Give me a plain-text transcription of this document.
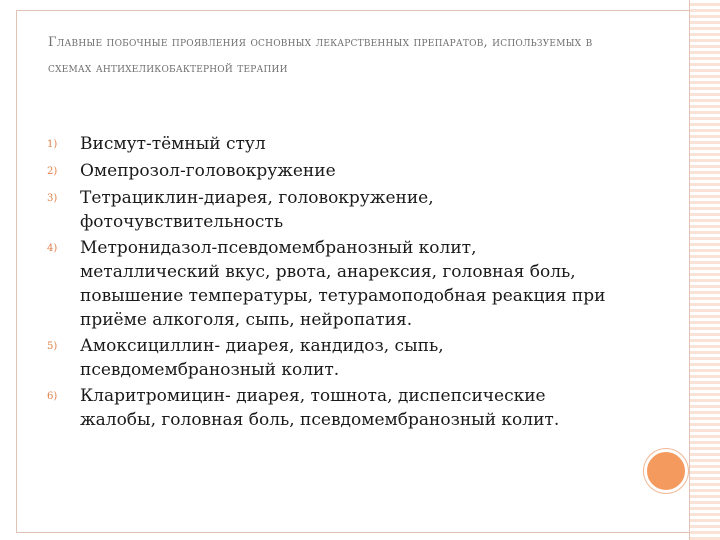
Главные побочные проявления основных лекарственных препаратов, используемых в схемах антихеликобактерной терапии
1)	Висмут-тёмный стул
2)	Омепрозол-головокружение
3)	Тетрациклин-диарея, головокружение, фоточувствительность
4)	Метронидазол-псевдомембранозный колит, металлический вкус, рвота, анарексия, головная боль, повышение температуры, тетурамоподобная реакция при приёме алкоголя, сыпь, нейропатия.
5)	Амоксициллин- диарея, кандидоз, сыпь, псевдомембранозный колит.
6)	Кларитромицин- диарея, тошнота, диспепсические жалобы, головная боль, псевдомембранозный колит.
